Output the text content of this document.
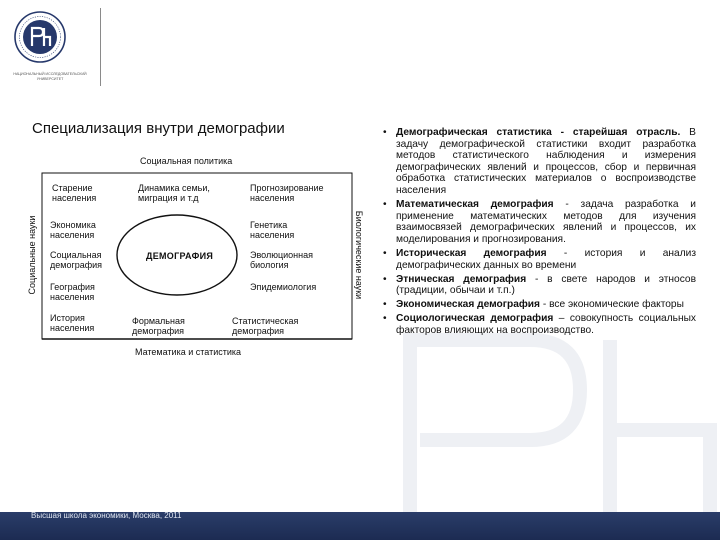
НАЦИОНАЛЬНЫЙ ИССЛЕДОВАТЕЛЬСКИЙ УНИВЕРСИТЕТ
Специализация внутри демографии
Социальная политика
Математика и статистика
ДЕМОГРАФИЯ
Социальные науки	Биологические науки
Старение
населения
Динамика семьи,
миграция и т.д
Прогнозирование
населения
Экономика
населения
Генетика
населения
Социальная
демография
Эволюционная
биология
География
населения
Эпидемиология
История
населения
Формальная
демография
Статистическая
демография
• Демографическая статистика - старейшая отрасль. В задачу демографической статистики входит разработка методов статистического наблюдения и измерения демографических явлений и процессов, сбор и первичная обработка статистических материалов о воспроизводстве населения
• Математическая демография - задача разработка и применение математических методов для изучения взаимосвязей демографических явлений и процессов, их моделирования и прогнозирования.
• Историческая демография - история и анализ демографических данных во времени
• Этническая демография - в свете народов и этносов (традиции, обычаи и т.п.)
• Экономическая демография - все экономические факторы
• Социологическая демография – совокупность социальных факторов влияющих на воспроизводство.
Высшая школа экономики, Москва, 2011
